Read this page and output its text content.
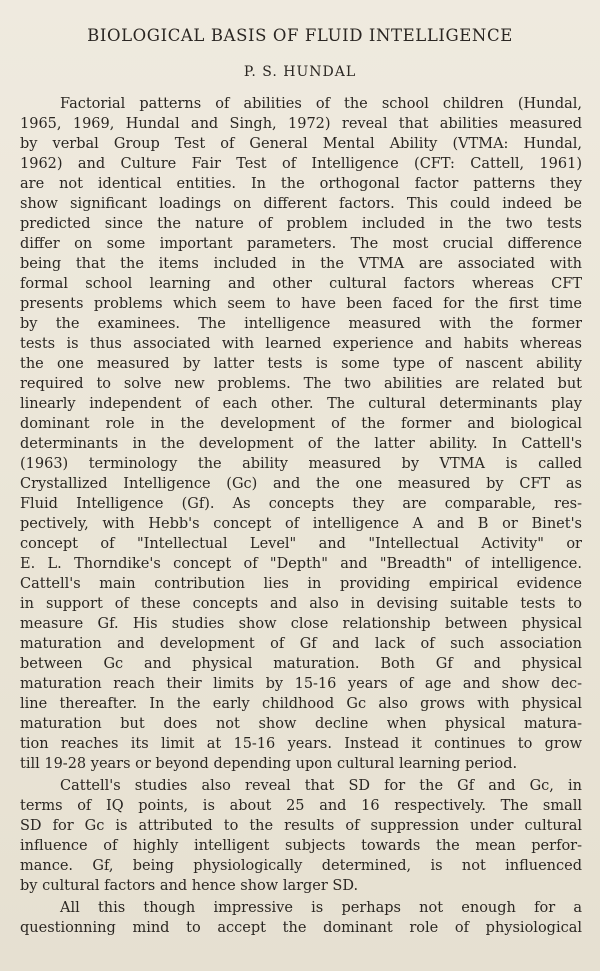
BIOLOGICAL BASIS OF FLUID INTELLIGENCE

P. S. HUNDAL

Factorial patterns of abilities of the school children (Hundal,
1965, 1969, Hundal and Singh, 1972) reveal that abilities measured
by verbal Group Test of General Mental Ability (VTMA: Hundal,
1962) and Culture Fair Test of Intelligence (CFT: Cattell, 1961)
are not identical entities. In the orthogonal factor patterns they
show significant loadings on different factors. This could indeed be
predicted since the nature of problem included in the two tests
differ on some important parameters. The most crucial difference
being that the items included in the VTMA are associated with
formal school learning and other cultural factors whereas CFT
presents problems which seem to have been faced for the first time
by the examinees. The intelligence measured with the former
tests is thus associated with learned experience and habits whereas
the one measured by latter tests is some type of nascent ability
required to solve new problems. The two abilities are related but
linearly independent of each other. The cultural determinants play
dominant role in the development of the former and biological
determinants in the development of the latter ability. In Cattell's
(1963) terminology the ability measured by VTMA is called
Crystallized Intelligence (Gc) and the one measured by CFT as
Fluid Intelligence (Gf). As concepts they are comparable, res-
pectively, with Hebb's concept of intelligence A and B or Binet's
concept of "Intellectual Level" and "Intellectual Activity" or
E. L. Thorndike's concept of "Depth" and "Breadth" of intelligence.
Cattell's main contribution lies in providing empirical evidence
in support of these concepts and also in devising suitable tests to
measure Gf. His studies show close relationship between physical
maturation and development of Gf and lack of such association
between Gc and physical maturation. Both Gf and physical
maturation reach their limits by 15-16 years of age and show dec-
line thereafter. In the early childhood Gc also grows with physical
maturation but does not show decline when physical matura-
tion reaches its limit at 15-16 years. Instead it continues to grow
till 19-28 years or beyond depending upon cultural learning period.
Cattell's studies also reveal that SD for the Gf and Gc, in
terms of IQ points, is about 25 and 16 respectively. The small
SD for Gc is attributed to the results of suppression under cultural
influence of highly intelligent subjects towards the mean perfor-
mance. Gf, being physiologically determined, is not influenced
by cultural factors and hence show larger SD.
All this though impressive is perhaps not enough for a
questionning mind to accept the dominant role of physiological
